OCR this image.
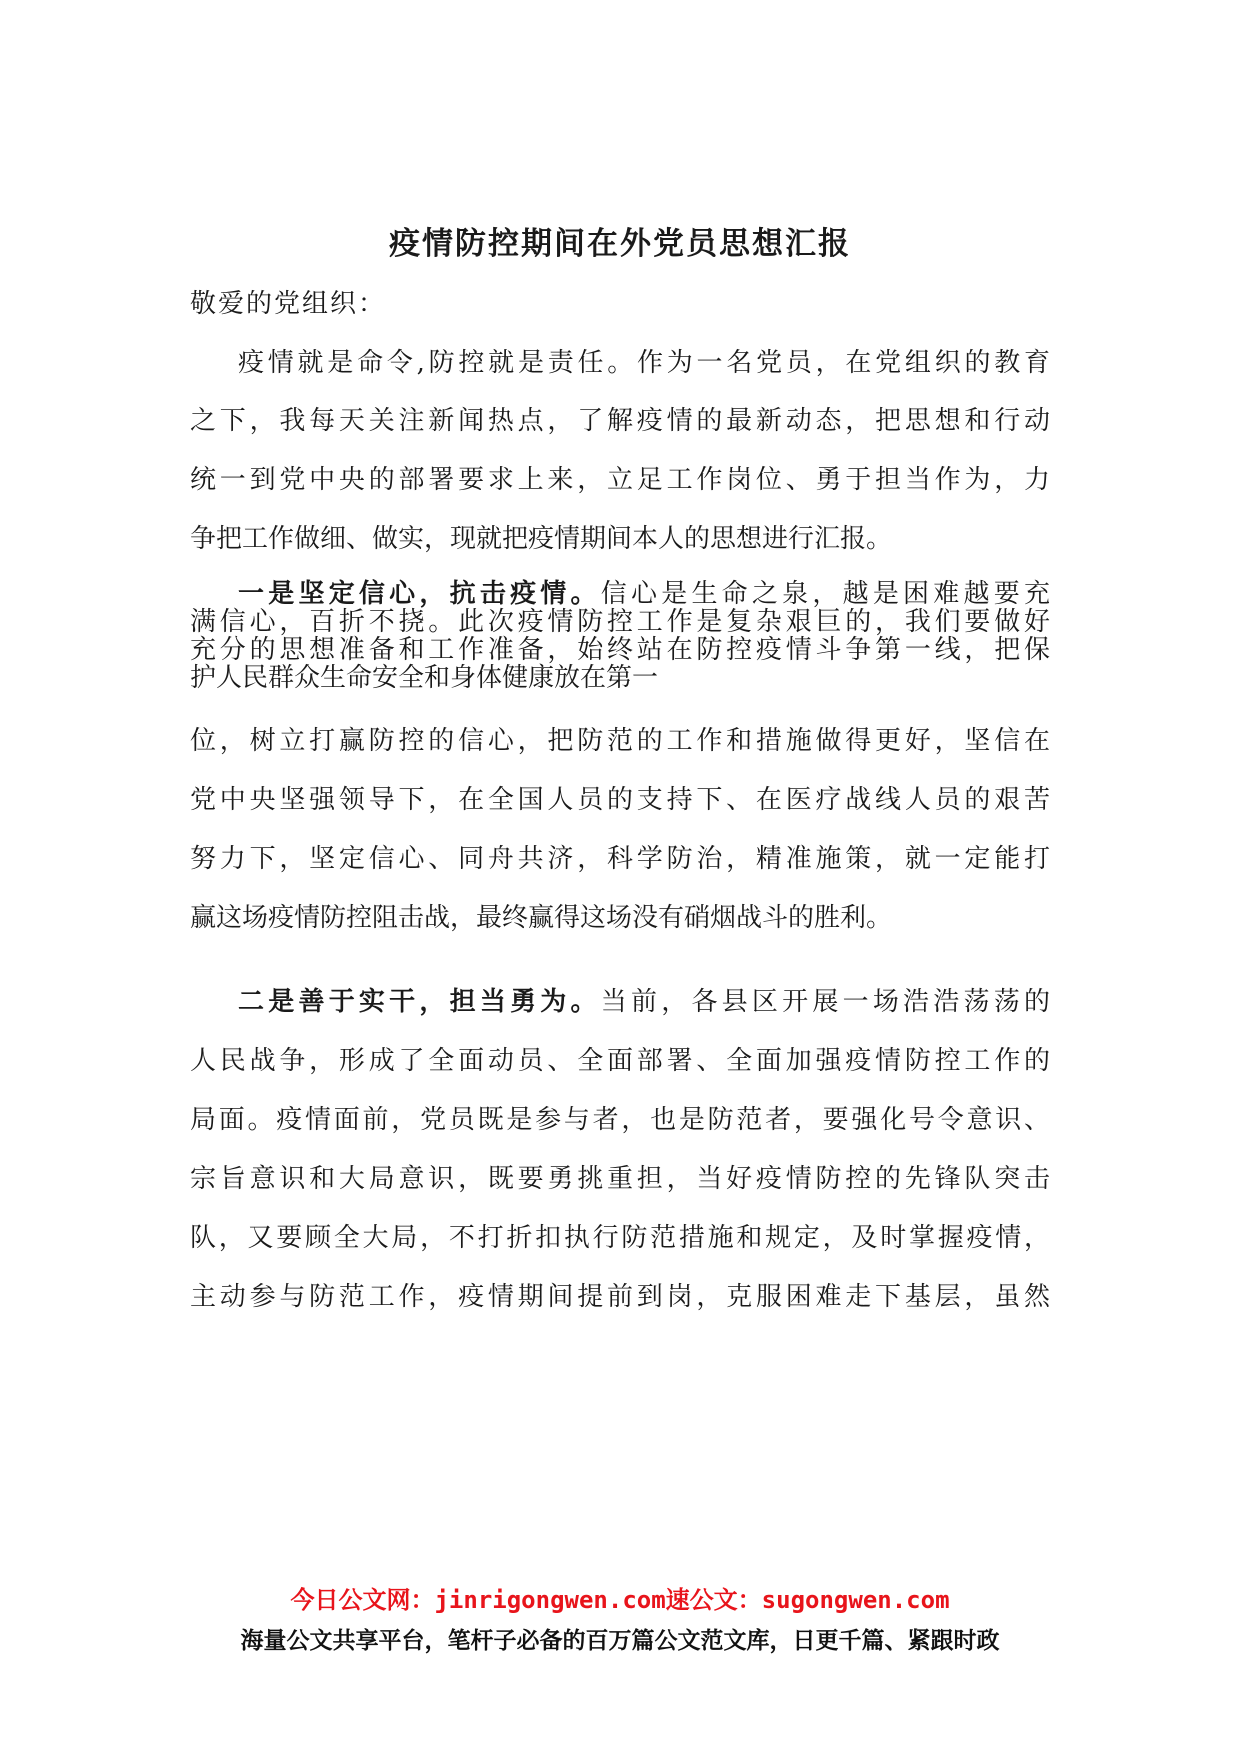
疫情防控期间在外党员思想汇报
敬爱的党组织：
疫情就是命令,防控就是责任。作为一名党员，在党组织的教育
之下，我每天关注新闻热点，了解疫情的最新动态，把思想和行动
统一到党中央的部署要求上来，立足工作岗位、勇于担当作为，力
争把工作做细、做实，现就把疫情期间本人的思想进行汇报。
一是坚定信心，抗击疫情。信心是生命之泉，越是困难越要充
满信心，百折不挠。此次疫情防控工作是复杂艰巨的，我们要做好
充分的思想准备和工作准备，始终站在防控疫情斗争第一线，把保
护人民群众生命安全和身体健康放在第一
位，树立打赢防控的信心，把防范的工作和措施做得更好，坚信在
党中央坚强领导下，在全国人员的支持下、在医疗战线人员的艰苦
努力下，坚定信心、同舟共济，科学防治，精准施策，就一定能打
赢这场疫情防控阻击战，最终赢得这场没有硝烟战斗的胜利。
二是善于实干，担当勇为。当前，各县区开展一场浩浩荡荡的
人民战争，形成了全面动员、全面部署、全面加强疫情防控工作的
局面。疫情面前，党员既是参与者，也是防范者，要强化号令意识、
宗旨意识和大局意识，既要勇挑重担，当好疫情防控的先锋队突击
队，又要顾全大局，不打折扣执行防范措施和规定，及时掌握疫情，
主动参与防范工作，疫情期间提前到岗，克服困难走下基层，虽然
今日公文网：jinrigongwen.com速公文：sugongwen.com
海量公文共享平台，笔杆子必备的百万篇公文范文库，日更千篇、紧跟时政
